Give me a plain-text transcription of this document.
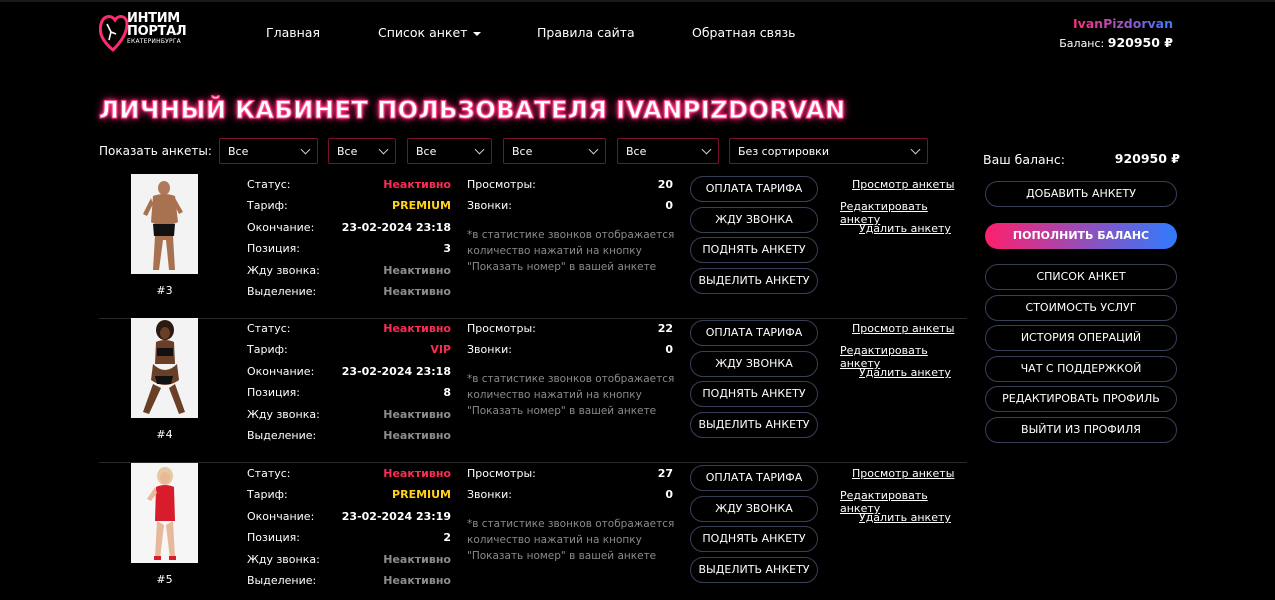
ИНТИМ
ПОРТАЛ
ЕКАТЕРИНБУРГА
Главная	Список анкет	Правила сайта	Обратная связь
IvanPizdorvan
Баланс: 920950 ₽
ЛИЧНЫЙ КАБИНЕТ ПОЛЬЗОВАТЕЛЯ IVANPIZDORVAN
Показать анкеты:	Все	Все	Все	Все	Все	Без сортировки
#3
Статус:	Неактивно
Тариф:	PREMIUM
Окончание:	23-02-2024 23:18
Позиция:	3
Жду звонка:	Неактивно
Выделение:	Неактивно
Просмотры:	20
Звонки:	0
*в статистике звонков отображается количество нажатий на кнопку "Показать номер" в вашей анкете
ОПЛАТА ТАРИФА
ЖДУ ЗВОНКА
ПОДНЯТЬ АНКЕТУ
ВЫДЕЛИТЬ АНКЕТУ
Просмотр анкеты
Редактировать анкету
Удалить анкету
#4
Статус:	Неактивно
Тариф:	VIP
Окончание:	23-02-2024 23:18
Позиция:	8
Жду звонка:	Неактивно
Выделение:	Неактивно
Просмотры:	22
Звонки:	0
*в статистике звонков отображается количество нажатий на кнопку "Показать номер" в вашей анкете
ОПЛАТА ТАРИФА
ЖДУ ЗВОНКА
ПОДНЯТЬ АНКЕТУ
ВЫДЕЛИТЬ АНКЕТУ
Просмотр анкеты
Редактировать анкету
Удалить анкету
#5
Статус:	Неактивно
Тариф:	PREMIUM
Окончание:	23-02-2024 23:19
Позиция:	2
Жду звонка:	Неактивно
Выделение:	Неактивно
Просмотры:	27
Звонки:	0
*в статистике звонков отображается количество нажатий на кнопку "Показать номер" в вашей анкете
ОПЛАТА ТАРИФА
ЖДУ ЗВОНКА
ПОДНЯТЬ АНКЕТУ
ВЫДЕЛИТЬ АНКЕТУ
Просмотр анкеты
Редактировать анкету
Удалить анкету
Ваш баланс:	920950 ₽
ДОБАВИТЬ АНКЕТУ
ПОПОЛНИТЬ БАЛАНС
СПИСОК АНКЕТ
СТОИМОСТЬ УСЛУГ
ИСТОРИЯ ОПЕРАЦИЙ
ЧАТ С ПОДДЕРЖКОЙ
РЕДАКТИРОВАТЬ ПРОФИЛЬ
ВЫЙТИ ИЗ ПРОФИЛЯ
